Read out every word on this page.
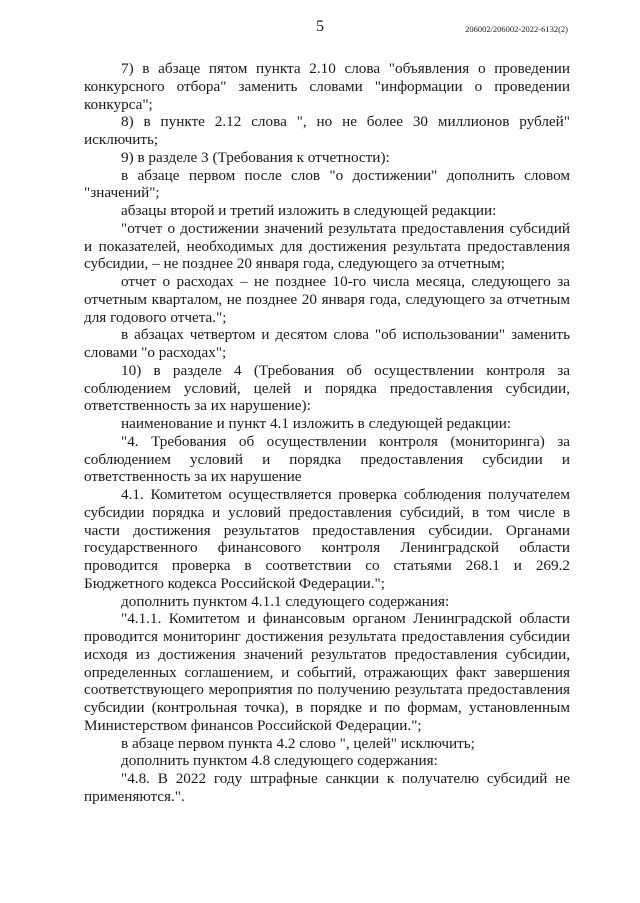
5	206002/206002-2022-6132(2)

7) в абзаце пятом пункта 2.10 слова "объявления о проведении конкурсного отбора" заменить словами "информации о проведении конкурса";

8) в пункте 2.12 слова ", но не более 30 миллионов рублей" исключить;

9) в разделе 3 (Требования к отчетности):

в абзаце первом после слов "о достижении" дополнить словом "значений";

абзацы второй и третий изложить в следующей редакции:

"отчет о достижении значений результата предоставления субсидий и показателей, необходимых для достижения результата предоставления субсидии, – не позднее 20 января года, следующего за отчетным;

отчет о расходах – не позднее 10-го числа месяца, следующего за отчетным кварталом, не позднее 20 января года, следующего за отчетным для годового отчета.";

в абзацах четвертом и десятом слова "об использовании" заменить словами "о расходах";

10) в разделе 4 (Требования об осуществлении контроля за соблюдением условий, целей и порядка предоставления субсидии, ответственность за их нарушение):

наименование и пункт 4.1 изложить в следующей редакции:

"4. Требования об осуществлении контроля (мониторинга) за соблюдением условий и порядка предоставления субсидии и ответственность за их нарушение

4.1. Комитетом осуществляется проверка соблюдения получателем субсидии порядка и условий предоставления субсидий, в том числе в части достижения результатов предоставления субсидии. Органами государственного финансового контроля Ленинградской области проводится проверка в соответствии со статьями 268.1 и 269.2 Бюджетного кодекса Российской Федерации.";

дополнить пунктом 4.1.1 следующего содержания:

"4.1.1. Комитетом и финансовым органом Ленинградской области проводится мониторинг достижения результата предоставления субсидии исходя из достижения значений результатов предоставления субсидии, определенных соглашением, и событий, отражающих факт завершения соответствующего мероприятия по получению результата предоставления субсидии (контрольная точка), в порядке и по формам, установленным Министерством финансов Российской Федерации.";

в абзаце первом пункта 4.2 слово ", целей" исключить;

дополнить пунктом 4.8 следующего содержания:

"4.8. В 2022 году штрафные санкции к получателю субсидий не применяются.".
